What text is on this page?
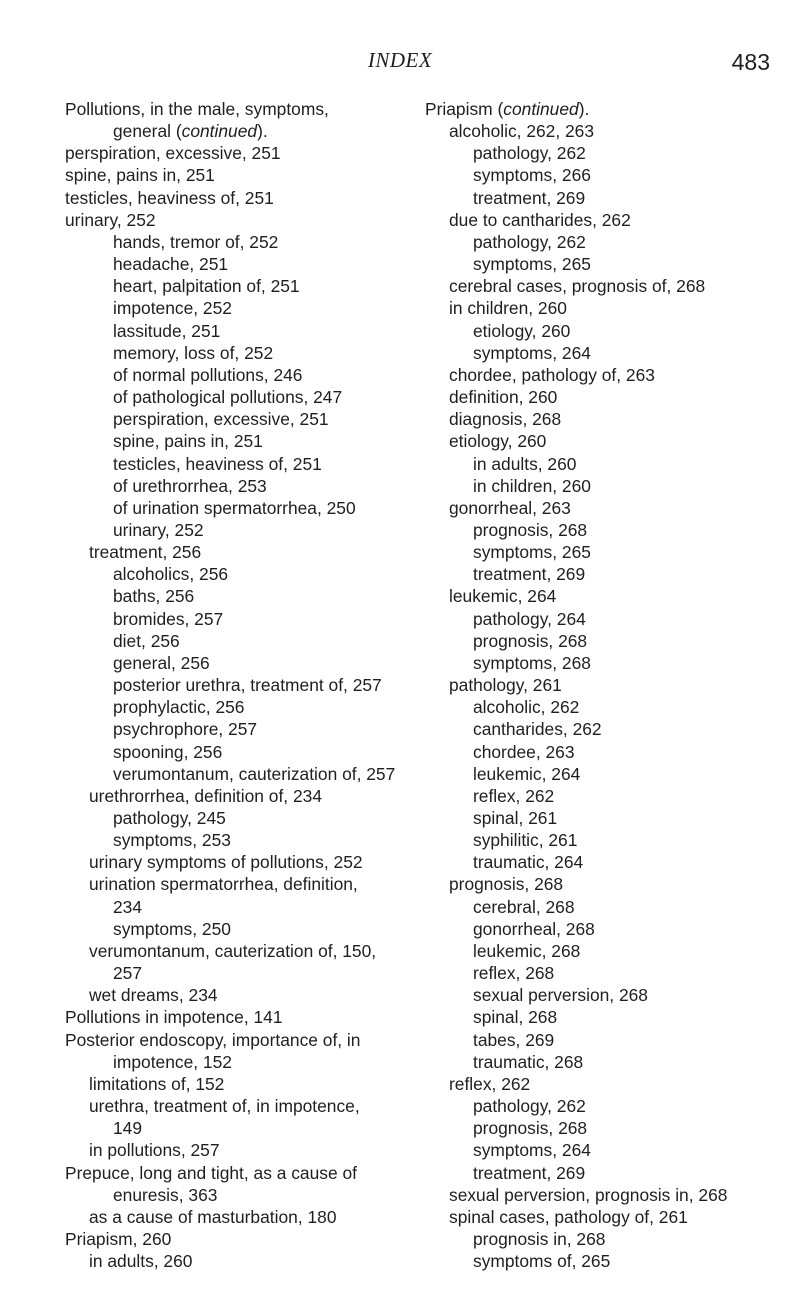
INDEX	483
Pollutions, in the male, symptoms,
general (continued).
perspiration, excessive, 251
spine, pains in, 251
testicles, heaviness of, 251
urinary, 252
hands, tremor of, 252
headache, 251
heart, palpitation of, 251
impotence, 252
lassitude, 251
memory, loss of, 252
of normal pollutions, 246
of pathological pollutions, 247
perspiration, excessive, 251
spine, pains in, 251
testicles, heaviness of, 251
of urethrorrhea, 253
of urination spermatorrhea, 250
urinary, 252
treatment, 256
alcoholics, 256
baths, 256
bromides, 257
diet, 256
general, 256
posterior urethra, treatment of, 257
prophylactic, 256
psychrophore, 257
spooning, 256
verumontanum, cauterization of, 257
urethrorrhea, definition of, 234
pathology, 245
symptoms, 253
urinary symptoms of pollutions, 252
urination spermatorrhea, definition,
234
symptoms, 250
verumontanum, cauterization of, 150,
257
wet dreams, 234
Pollutions in impotence, 141
Posterior endoscopy, importance of, in
impotence, 152
limitations of, 152
urethra, treatment of, in impotence,
149
in pollutions, 257
Prepuce, long and tight, as a cause of
enuresis, 363
as a cause of masturbation, 180
Priapism, 260
in adults, 260
Priapism (continued).
alcoholic, 262, 263
pathology, 262
symptoms, 266
treatment, 269
due to cantharides, 262
pathology, 262
symptoms, 265
cerebral cases, prognosis of, 268
in children, 260
etiology, 260
symptoms, 264
chordee, pathology of, 263
definition, 260
diagnosis, 268
etiology, 260
in adults, 260
in children, 260
gonorrheal, 263
prognosis, 268
symptoms, 265
treatment, 269
leukemic, 264
pathology, 264
prognosis, 268
symptoms, 268
pathology, 261
alcoholic, 262
cantharides, 262
chordee, 263
leukemic, 264
reflex, 262
spinal, 261
syphilitic, 261
traumatic, 264
prognosis, 268
cerebral, 268
gonorrheal, 268
leukemic, 268
reflex, 268
sexual perversion, 268
spinal, 268
tabes, 269
traumatic, 268
reflex, 262
pathology, 262
prognosis, 268
symptoms, 264
treatment, 269
sexual perversion, prognosis in, 268
spinal cases, pathology of, 261
prognosis in, 268
symptoms of, 265
